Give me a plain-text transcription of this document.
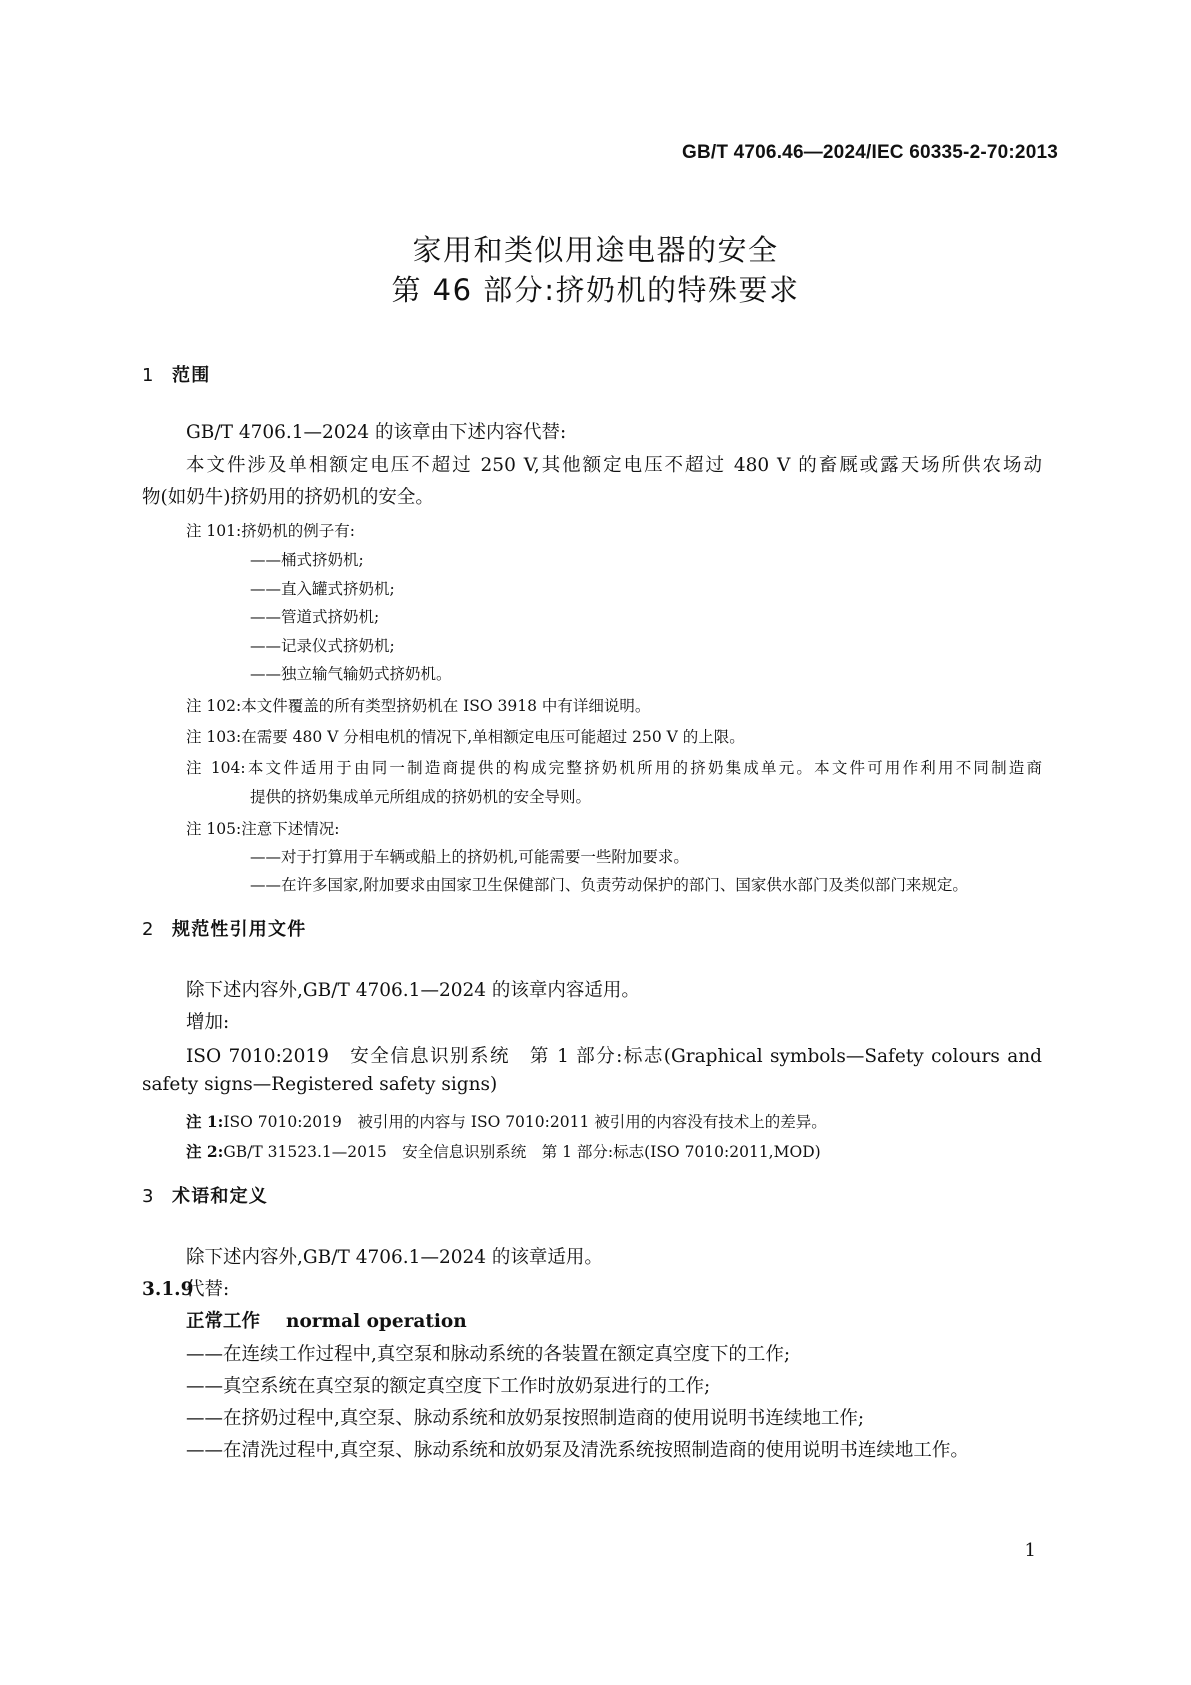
GB/T 4706.46—2024/IEC 60335-2-70:2013
家用和类似用途电器的安全
第 46 部分:挤奶机的特殊要求
1 范围
GB/T 4706.1—2024 的该章由下述内容代替:
本文件涉及单相额定电压不超过 250 V,其他额定电压不超过 480 V 的畜厩或露天场所供农场动
物(如奶牛)挤奶用的挤奶机的安全。
注 101:挤奶机的例子有:
——桶式挤奶机;
——直入罐式挤奶机;
——管道式挤奶机;
——记录仪式挤奶机;
——独立输气输奶式挤奶机。
注 102:本文件覆盖的所有类型挤奶机在 ISO 3918 中有详细说明。
注 103:在需要 480 V 分相电机的情况下,单相额定电压可能超过 250 V 的上限。
注 104:本文件适用于由同一制造商提供的构成完整挤奶机所用的挤奶集成单元。本文件可用作利用不同制造商
提供的挤奶集成单元所组成的挤奶机的安全导则。
注 105:注意下述情况:
——对于打算用于车辆或船上的挤奶机,可能需要一些附加要求。
——在许多国家,附加要求由国家卫生保健部门、负责劳动保护的部门、国家供水部门及类似部门来规定。
2 规范性引用文件
除下述内容外,GB/T 4706.1—2024 的该章内容适用。
增加:
ISO 7010:2019　安全信息识别系统　第 1 部分:标志(Graphical symbols—Safety colours and
safety signs—Registered safety signs)
注 1:ISO 7010:2019　被引用的内容与 ISO 7010:2011 被引用的内容没有技术上的差异。
注 2:GB/T 31523.1—2015　安全信息识别系统　第 1 部分:标志(ISO 7010:2011,MOD)
3 术语和定义
除下述内容外,GB/T 4706.1—2024 的该章适用。
3.1.9代替:
正常工作 normal operation
——在连续工作过程中,真空泵和脉动系统的各装置在额定真空度下的工作;
——真空系统在真空泵的额定真空度下工作时放奶泵进行的工作;
——在挤奶过程中,真空泵、脉动系统和放奶泵按照制造商的使用说明书连续地工作;
——在清洗过程中,真空泵、脉动系统和放奶泵及清洗系统按照制造商的使用说明书连续地工作。
1
